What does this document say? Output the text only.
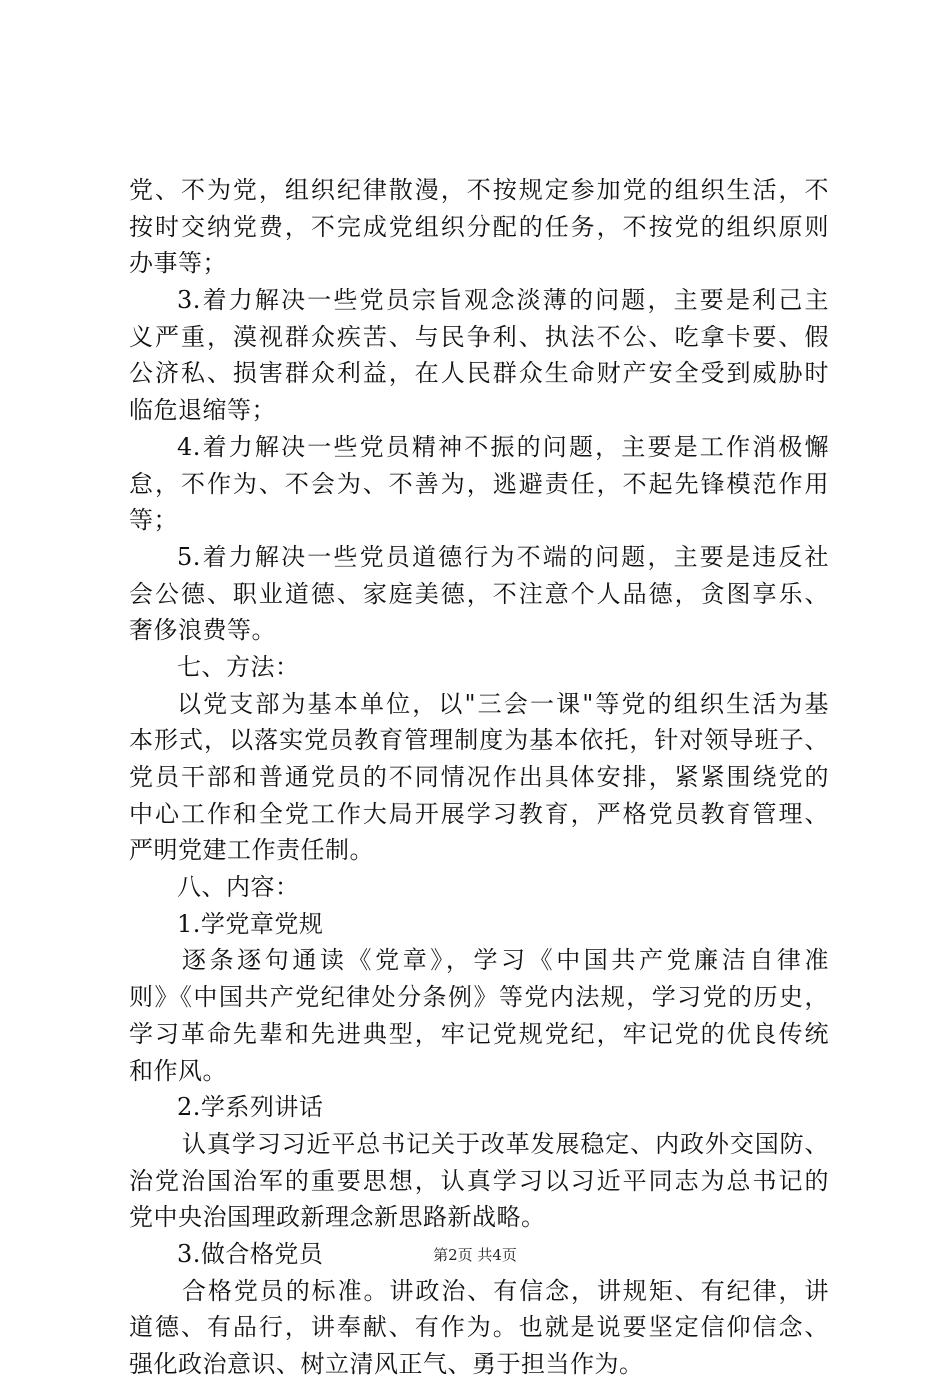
党、不为党，组织纪律散漫，不按规定参加党的组织生活，不
按时交纳党费，不完成党组织分配的任务，不按党的组织原则
办事等；
3.着力解决一些党员宗旨观念淡薄的问题，主要是利己主
义严重，漠视群众疾苦、与民争利、执法不公、吃拿卡要、假
公济私、损害群众利益，在人民群众生命财产安全受到威胁时
临危退缩等；
4.着力解决一些党员精神不振的问题，主要是工作消极懈
怠，不作为、不会为、不善为，逃避责任，不起先锋模范作用
等；
5.着力解决一些党员道德行为不端的问题，主要是违反社
会公德、职业道德、家庭美德，不注意个人品德，贪图享乐、
奢侈浪费等。
七、方法：
以党支部为基本单位，以"三会一课"等党的组织生活为基
本形式，以落实党员教育管理制度为基本依托，针对领导班子、
党员干部和普通党员的不同情况作出具体安排，紧紧围绕党的
中心工作和全党工作大局开展学习教育，严格党员教育管理、
严明党建工作责任制。
八、内容：
1.学党章党规
逐条逐句通读《党章》，学习《中国共产党廉洁自律准
则》《中国共产党纪律处分条例》等党内法规，学习党的历史，
学习革命先辈和先进典型，牢记党规党纪，牢记党的优良传统
和作风。
2.学系列讲话
认真学习习近平总书记关于改革发展稳定、内政外交国防、
治党治国治军的重要思想，认真学习以习近平同志为总书记的
党中央治国理政新理念新思路新战略。
3.做合格党员
合格党员的标准。讲政治、有信念，讲规矩、有纪律，讲
道德、有品行，讲奉献、有作为。也就是说要坚定信仰信念、
强化政治意识、树立清风正气、勇于担当作为。
第2页 共4页
